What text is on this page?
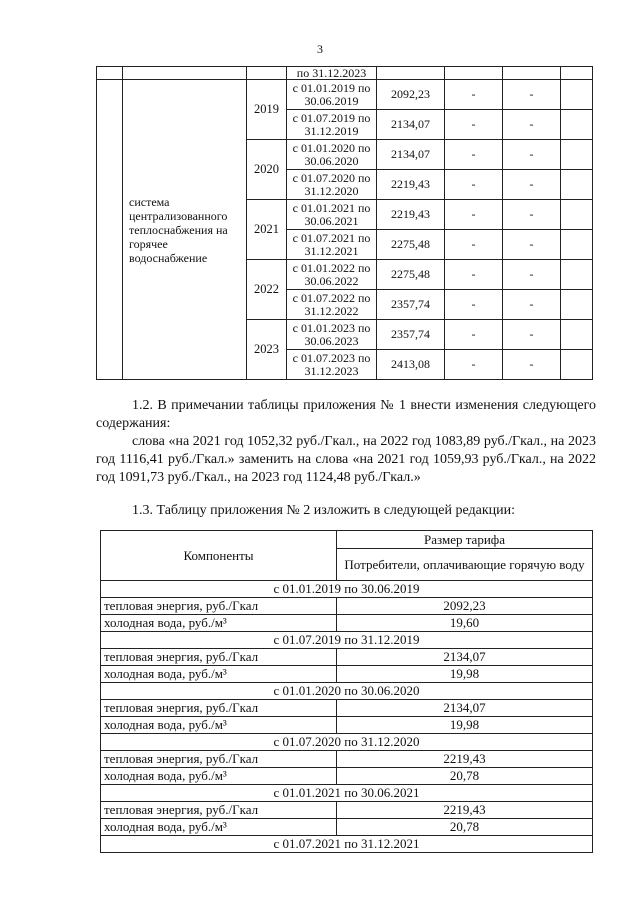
3
			по 31.12.2023				
	система централизованного теплоснабжения на горячее водоснабжение	2019	с 01.01.2019 по 30.06.2019	2092,23	-	-	
			с 01.07.2019 по 31.12.2019	2134,07	-	-	
		2020	с 01.01.2020 по 30.06.2020	2134,07	-	-	
			с 01.07.2020 по 31.12.2020	2219,43	-	-	
		2021	с 01.01.2021 по 30.06.2021	2219,43	-	-	
			с 01.07.2021 по 31.12.2021	2275,48	-	-	
		2022	с 01.01.2022 по 30.06.2022	2275,48	-	-	
			с 01.07.2022 по 31.12.2022	2357,74	-	-	
		2023	с 01.01.2023 по 30.06.2023	2357,74	-	-	
			с 01.07.2023 по 31.12.2023	2413,08	-	-	

1.2. В примечании таблицы приложения № 1 внести изменения следующего содержания:

слова «на 2021 год 1052,32 руб./Гкал., на 2022 год 1083,89 руб./Гкал., на 2023 год 1116,41 руб./Гкал.» заменить на слова «на 2021 год 1059,93 руб./Гкал., на 2022 год 1091,73 руб./Гкал., на 2023 год 1124,48 руб./Гкал.»

1.3. Таблицу приложения № 2 изложить в следующей редакции:

Компоненты	Размер тарифа
	Потребители, оплачивающие горячую воду
с 01.01.2019 по 30.06.2019	
тепловая энергия, руб./Гкал	2092,23
холодная вода, руб./м³	19,60
с 01.07.2019 по 31.12.2019	
тепловая энергия, руб./Гкал	2134,07
холодная вода, руб./м³	19,98
с 01.01.2020 по 30.06.2020	
тепловая энергия, руб./Гкал	2134,07
холодная вода, руб./м³	19,98
с 01.07.2020 по 31.12.2020	
тепловая энергия, руб./Гкал	2219,43
холодная вода, руб./м³	20,78
с 01.01.2021 по 30.06.2021	
тепловая энергия, руб./Гкал	2219,43
холодная вода, руб./м³	20,78
с 01.07.2021 по 31.12.2021	
